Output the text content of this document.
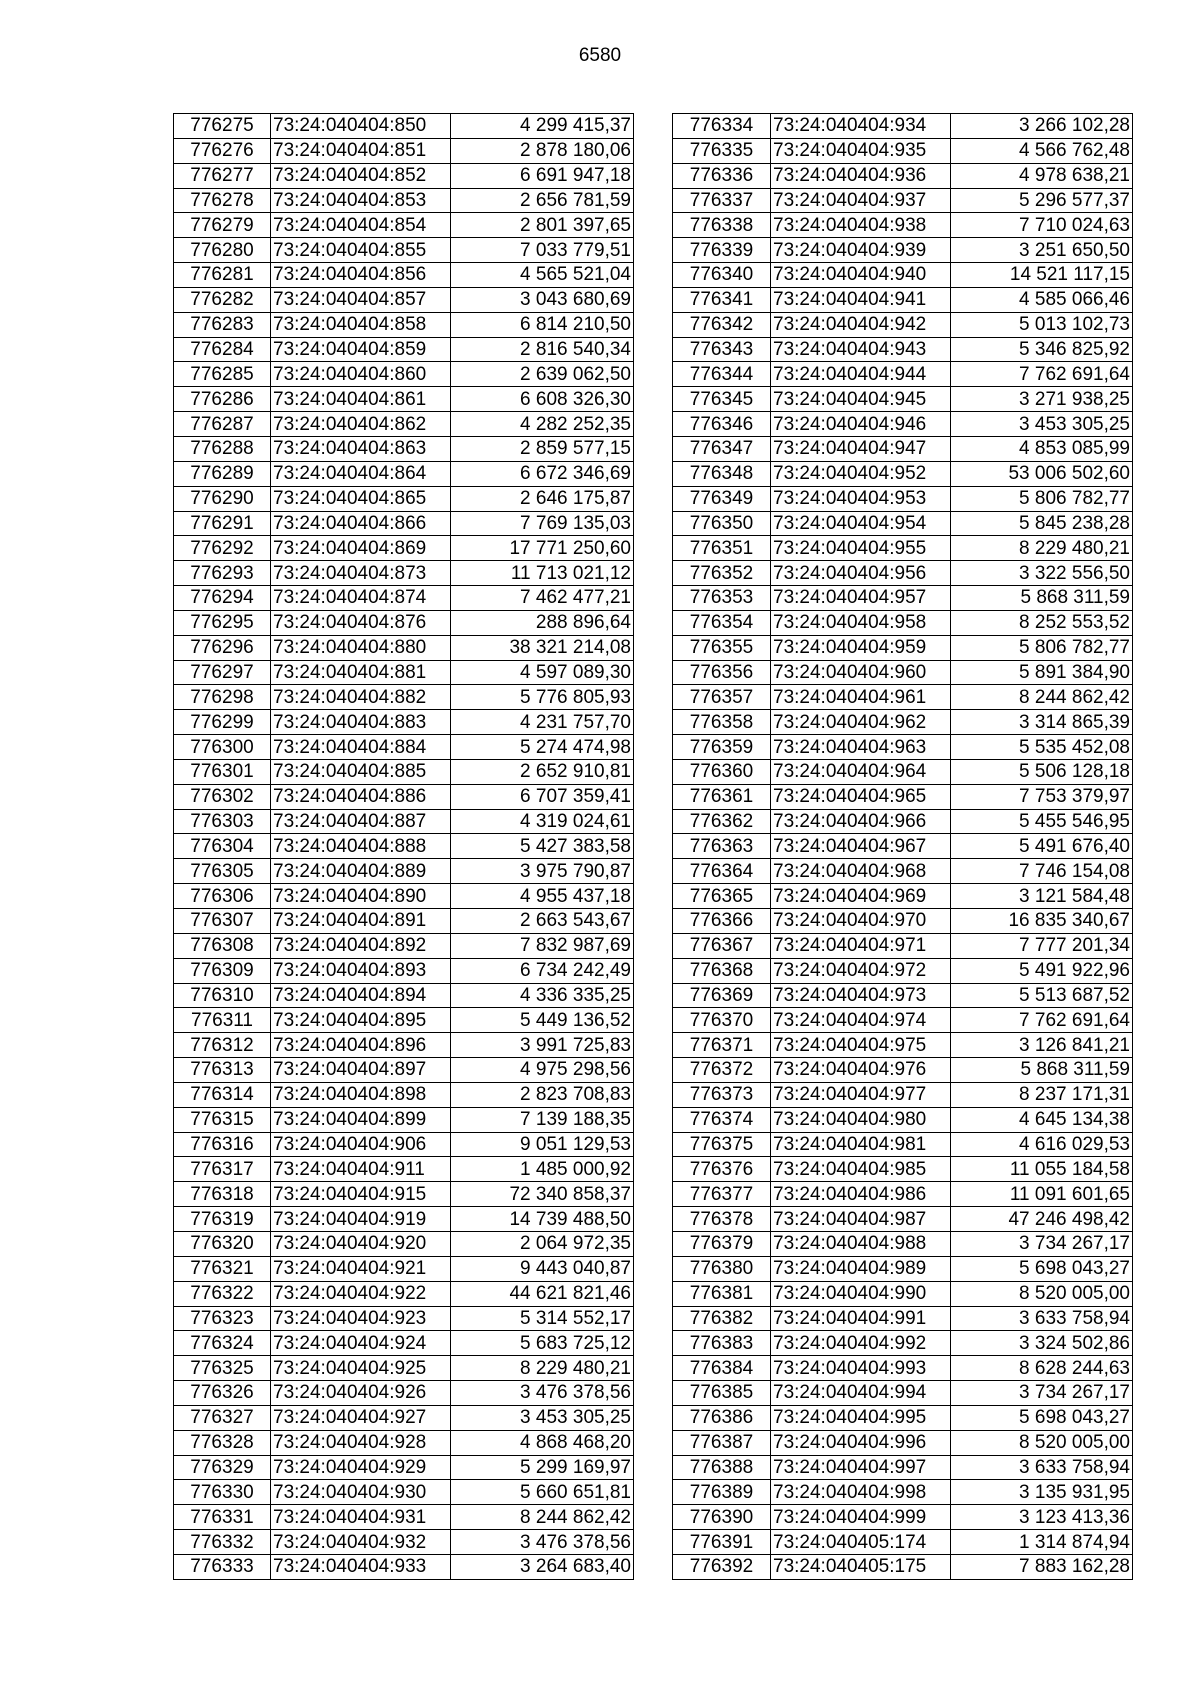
6580
776275	73:24:040404:850	4 299 415,37
776276	73:24:040404:851	2 878 180,06
776277	73:24:040404:852	6 691 947,18
776278	73:24:040404:853	2 656 781,59
776279	73:24:040404:854	2 801 397,65
776280	73:24:040404:855	7 033 779,51
776281	73:24:040404:856	4 565 521,04
776282	73:24:040404:857	3 043 680,69
776283	73:24:040404:858	6 814 210,50
776284	73:24:040404:859	2 816 540,34
776285	73:24:040404:860	2 639 062,50
776286	73:24:040404:861	6 608 326,30
776287	73:24:040404:862	4 282 252,35
776288	73:24:040404:863	2 859 577,15
776289	73:24:040404:864	6 672 346,69
776290	73:24:040404:865	2 646 175,87
776291	73:24:040404:866	7 769 135,03
776292	73:24:040404:869	17 771 250,60
776293	73:24:040404:873	11 713 021,12
776294	73:24:040404:874	7 462 477,21
776295	73:24:040404:876	288 896,64
776296	73:24:040404:880	38 321 214,08
776297	73:24:040404:881	4 597 089,30
776298	73:24:040404:882	5 776 805,93
776299	73:24:040404:883	4 231 757,70
776300	73:24:040404:884	5 274 474,98
776301	73:24:040404:885	2 652 910,81
776302	73:24:040404:886	6 707 359,41
776303	73:24:040404:887	4 319 024,61
776304	73:24:040404:888	5 427 383,58
776305	73:24:040404:889	3 975 790,87
776306	73:24:040404:890	4 955 437,18
776307	73:24:040404:891	2 663 543,67
776308	73:24:040404:892	7 832 987,69
776309	73:24:040404:893	6 734 242,49
776310	73:24:040404:894	4 336 335,25
776311	73:24:040404:895	5 449 136,52
776312	73:24:040404:896	3 991 725,83
776313	73:24:040404:897	4 975 298,56
776314	73:24:040404:898	2 823 708,83
776315	73:24:040404:899	7 139 188,35
776316	73:24:040404:906	9 051 129,53
776317	73:24:040404:911	1 485 000,92
776318	73:24:040404:915	72 340 858,37
776319	73:24:040404:919	14 739 488,50
776320	73:24:040404:920	2 064 972,35
776321	73:24:040404:921	9 443 040,87
776322	73:24:040404:922	44 621 821,46
776323	73:24:040404:923	5 314 552,17
776324	73:24:040404:924	5 683 725,12
776325	73:24:040404:925	8 229 480,21
776326	73:24:040404:926	3 476 378,56
776327	73:24:040404:927	3 453 305,25
776328	73:24:040404:928	4 868 468,20
776329	73:24:040404:929	5 299 169,97
776330	73:24:040404:930	5 660 651,81
776331	73:24:040404:931	8 244 862,42
776332	73:24:040404:932	3 476 378,56
776333	73:24:040404:933	3 264 683,40
776334	73:24:040404:934	3 266 102,28
776335	73:24:040404:935	4 566 762,48
776336	73:24:040404:936	4 978 638,21
776337	73:24:040404:937	5 296 577,37
776338	73:24:040404:938	7 710 024,63
776339	73:24:040404:939	3 251 650,50
776340	73:24:040404:940	14 521 117,15
776341	73:24:040404:941	4 585 066,46
776342	73:24:040404:942	5 013 102,73
776343	73:24:040404:943	5 346 825,92
776344	73:24:040404:944	7 762 691,64
776345	73:24:040404:945	3 271 938,25
776346	73:24:040404:946	3 453 305,25
776347	73:24:040404:947	4 853 085,99
776348	73:24:040404:952	53 006 502,60
776349	73:24:040404:953	5 806 782,77
776350	73:24:040404:954	5 845 238,28
776351	73:24:040404:955	8 229 480,21
776352	73:24:040404:956	3 322 556,50
776353	73:24:040404:957	5 868 311,59
776354	73:24:040404:958	8 252 553,52
776355	73:24:040404:959	5 806 782,77
776356	73:24:040404:960	5 891 384,90
776357	73:24:040404:961	8 244 862,42
776358	73:24:040404:962	3 314 865,39
776359	73:24:040404:963	5 535 452,08
776360	73:24:040404:964	5 506 128,18
776361	73:24:040404:965	7 753 379,97
776362	73:24:040404:966	5 455 546,95
776363	73:24:040404:967	5 491 676,40
776364	73:24:040404:968	7 746 154,08
776365	73:24:040404:969	3 121 584,48
776366	73:24:040404:970	16 835 340,67
776367	73:24:040404:971	7 777 201,34
776368	73:24:040404:972	5 491 922,96
776369	73:24:040404:973	5 513 687,52
776370	73:24:040404:974	7 762 691,64
776371	73:24:040404:975	3 126 841,21
776372	73:24:040404:976	5 868 311,59
776373	73:24:040404:977	8 237 171,31
776374	73:24:040404:980	4 645 134,38
776375	73:24:040404:981	4 616 029,53
776376	73:24:040404:985	11 055 184,58
776377	73:24:040404:986	11 091 601,65
776378	73:24:040404:987	47 246 498,42
776379	73:24:040404:988	3 734 267,17
776380	73:24:040404:989	5 698 043,27
776381	73:24:040404:990	8 520 005,00
776382	73:24:040404:991	3 633 758,94
776383	73:24:040404:992	3 324 502,86
776384	73:24:040404:993	8 628 244,63
776385	73:24:040404:994	3 734 267,17
776386	73:24:040404:995	5 698 043,27
776387	73:24:040404:996	8 520 005,00
776388	73:24:040404:997	3 633 758,94
776389	73:24:040404:998	3 135 931,95
776390	73:24:040404:999	3 123 413,36
776391	73:24:040405:174	1 314 874,94
776392	73:24:040405:175	7 883 162,28
